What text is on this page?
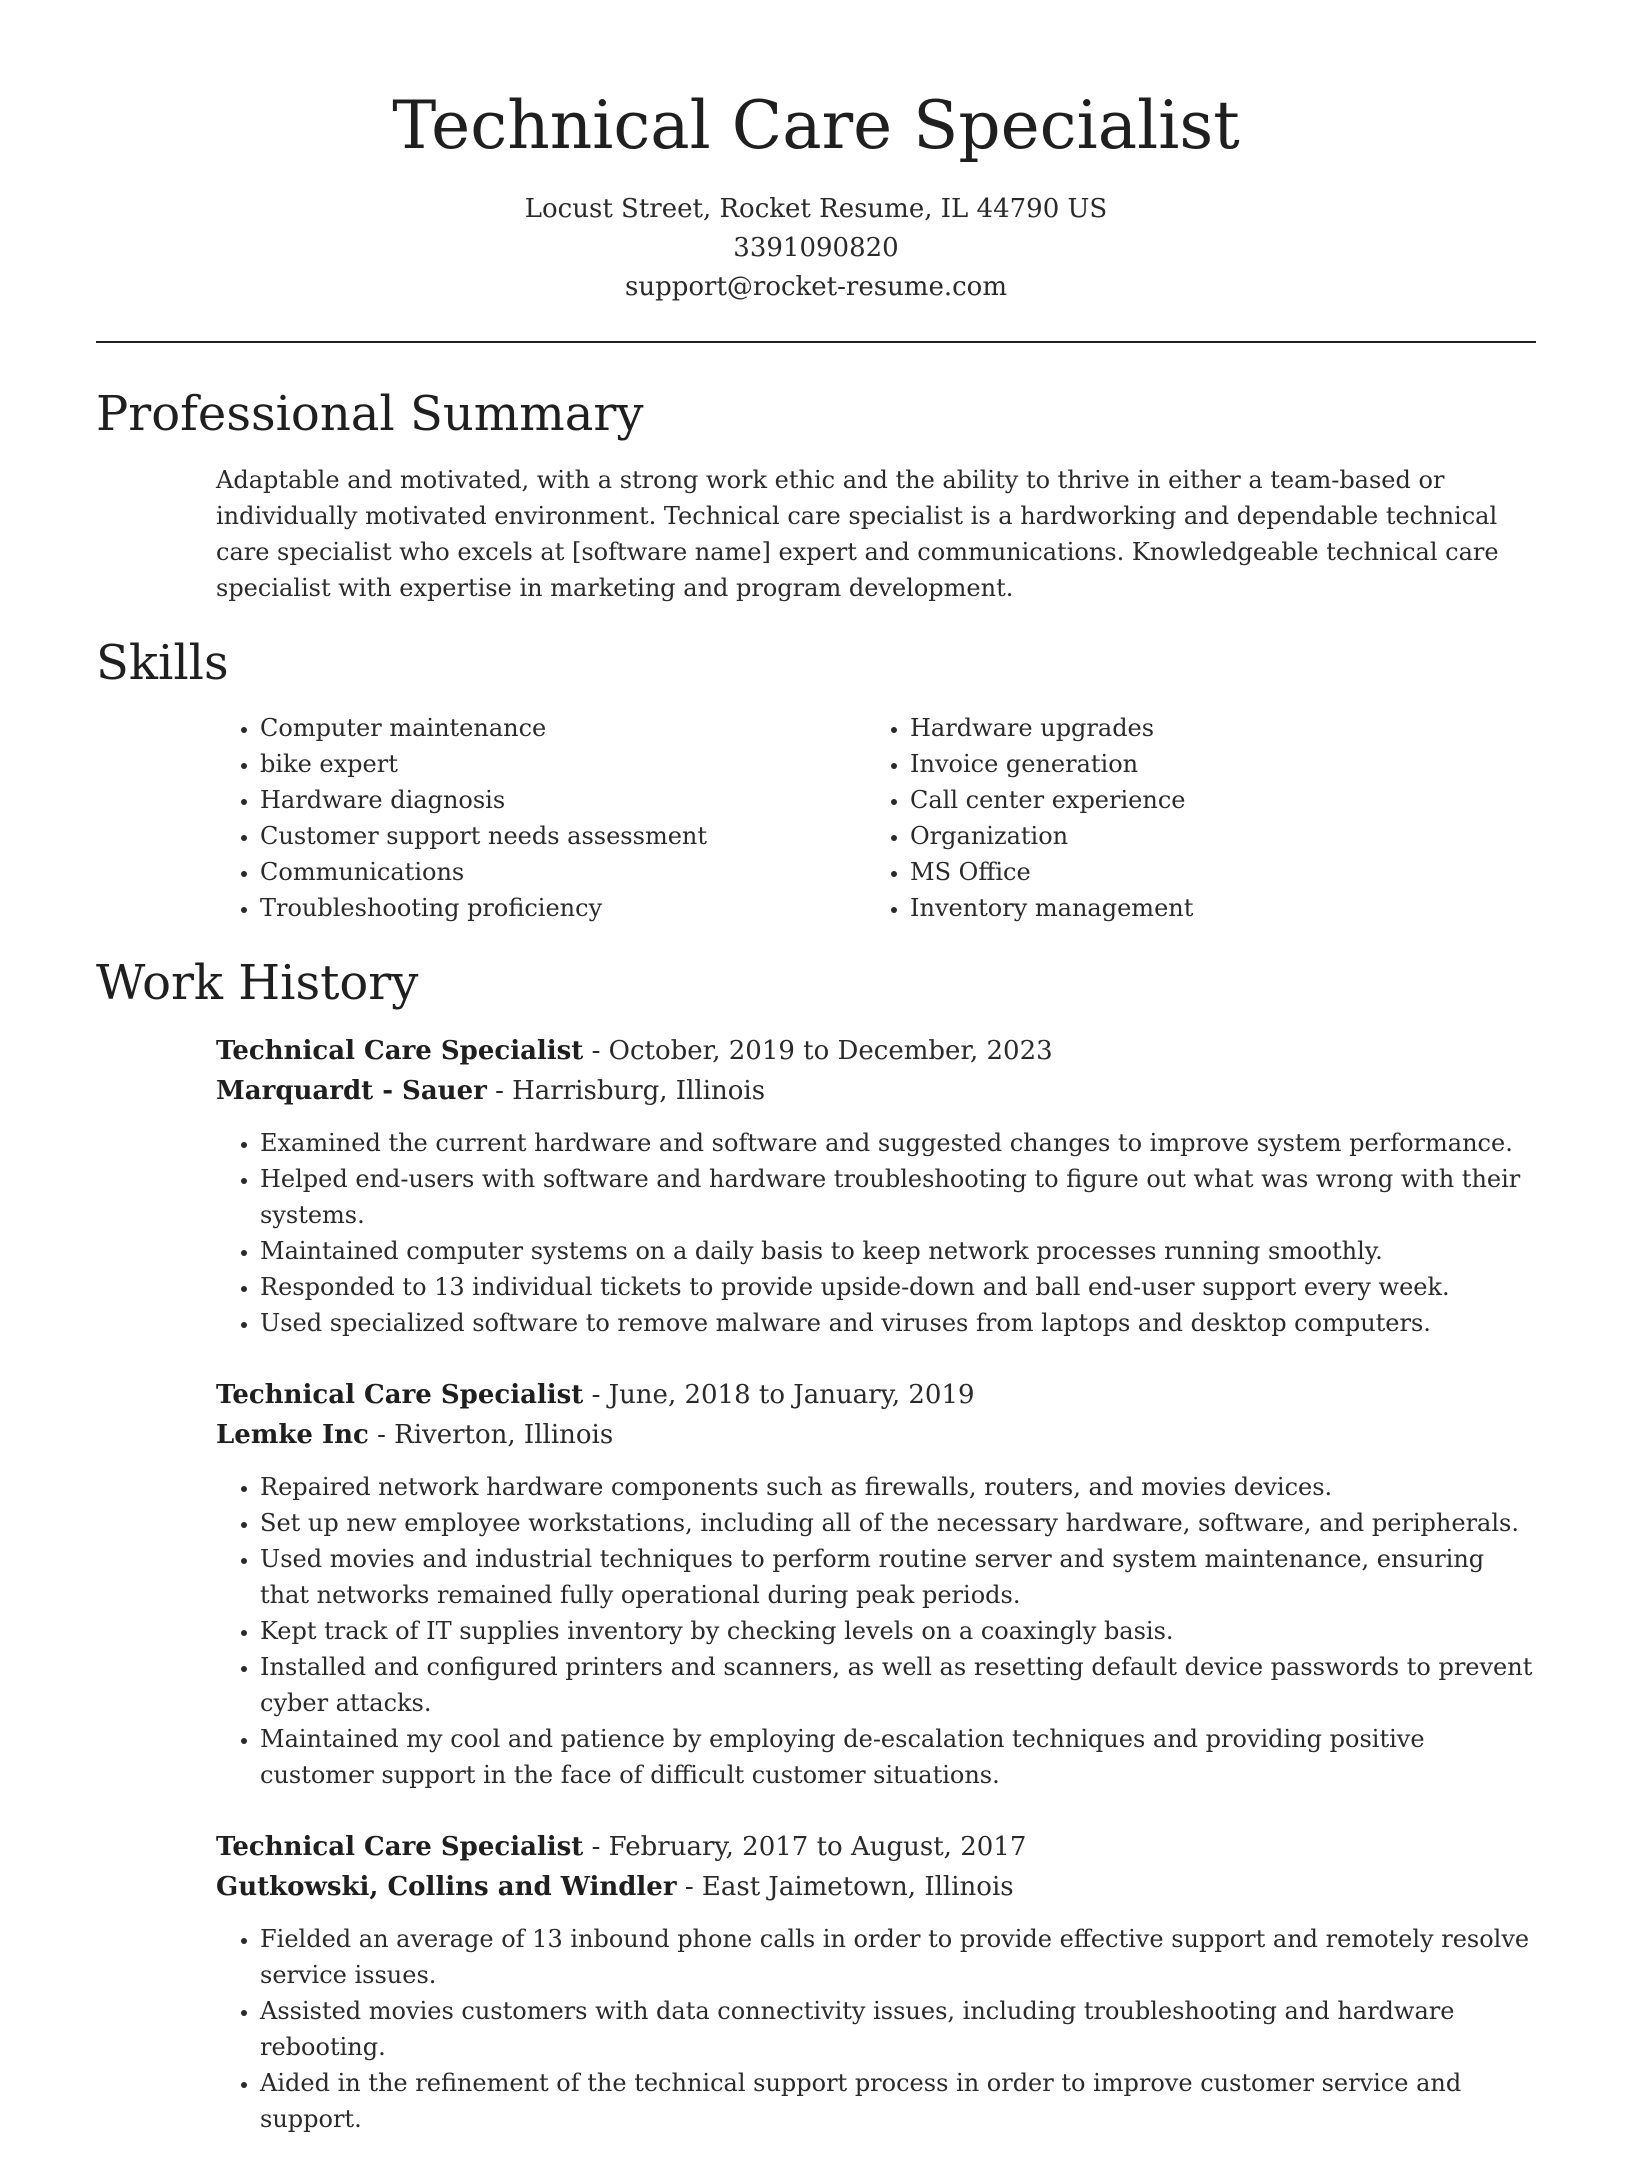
Technical Care Specialist
Locust Street, Rocket Resume, IL 44790 US
3391090820
support@rocket-resume.com
Professional Summary

Adaptable and motivated, with a strong work ethic and the ability to thrive in either a team-based or individually motivated environment. Technical care specialist is a hardworking and dependable technical care specialist who excels at [software name] expert and communications. Knowledgeable technical care specialist with expertise in marketing and program development.

Skills
• Computer maintenance
• bike expert
• Hardware diagnosis
• Customer support needs assessment
• Communications
• Troubleshooting proficiency
• Hardware upgrades
• Invoice generation
• Call center experience
• Organization
• MS Office
• Inventory management
Work History
Technical Care Specialist - October, 2019 to December, 2023
Marquardt - Sauer - Harrisburg, Illinois
• Examined the current hardware and software and suggested changes to improve system performance.
• Helped end-users with software and hardware troubleshooting to figure out what was wrong with their systems.
• Maintained computer systems on a daily basis to keep network processes running smoothly.
• Responded to 13 individual tickets to provide upside-down and ball end-user support every week.
• Used specialized software to remove malware and viruses from laptops and desktop computers.
Technical Care Specialist - June, 2018 to January, 2019
Lemke Inc - Riverton, Illinois
• Repaired network hardware components such as firewalls, routers, and movies devices.
• Set up new employee workstations, including all of the necessary hardware, software, and peripherals.
• Used movies and industrial techniques to perform routine server and system maintenance, ensuring that networks remained fully operational during peak periods.
• Kept track of IT supplies inventory by checking levels on a coaxingly basis.
• Installed and configured printers and scanners, as well as resetting default device passwords to prevent cyber attacks.
• Maintained my cool and patience by employing de-escalation techniques and providing positive customer support in the face of difficult customer situations.
Technical Care Specialist - February, 2017 to August, 2017
Gutkowski, Collins and Windler - East Jaimetown, Illinois
• Fielded an average of 13 inbound phone calls in order to provide effective support and remotely resolve service issues.
• Assisted movies customers with data connectivity issues, including troubleshooting and hardware rebooting.
• Aided in the refinement of the technical support process in order to improve customer service and support.
